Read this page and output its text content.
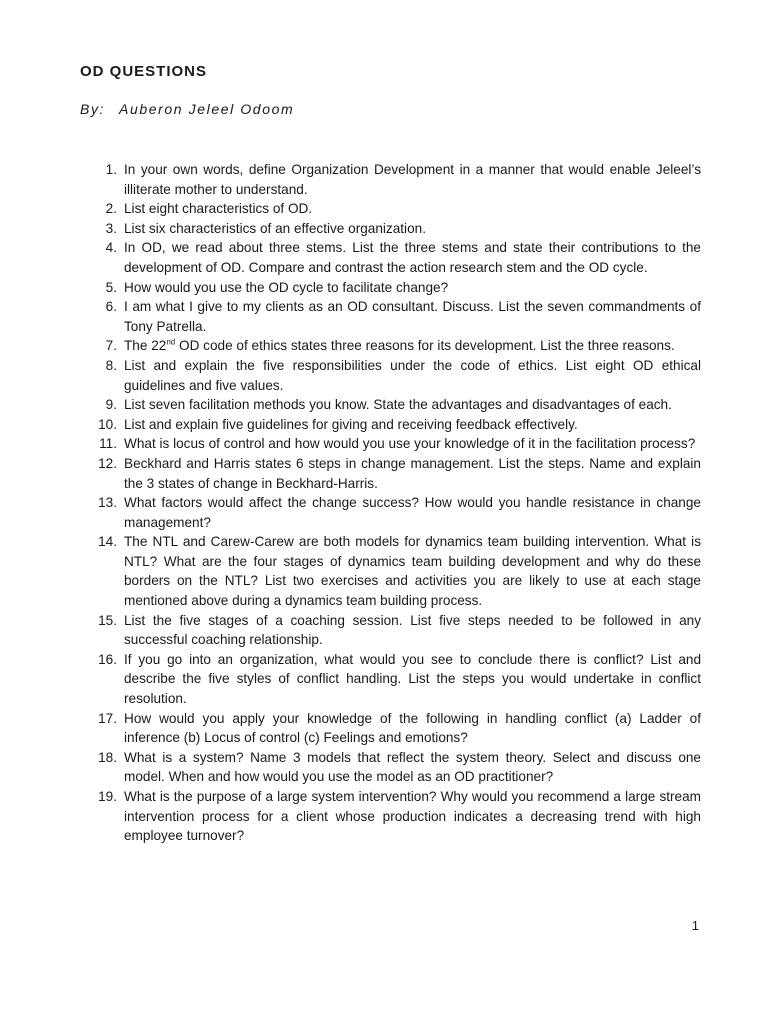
OD QUESTIONS

By: Auberon Jeleel Odoom

1. In your own words, define Organization Development in a manner that would enable Jeleel’s illiterate mother to understand.
2. List eight characteristics of OD.
3. List six characteristics of an effective organization.
4. In OD, we read about three stems. List the three stems and state their contributions to the development of OD. Compare and contrast the action research stem and the OD cycle.
5. How would you use the OD cycle to facilitate change?
6. I am what I give to my clients as an OD consultant. Discuss. List the seven commandments of Tony Patrella.
7. The 22nd OD code of ethics states three reasons for its development. List the three reasons.
8. List and explain the five responsibilities under the code of ethics. List eight OD ethical guidelines and five values.
9. List seven facilitation methods you know. State the advantages and disadvantages of each.
10. List and explain five guidelines for giving and receiving feedback effectively.
11. What is locus of control and how would you use your knowledge of it in the facilitation process?
12. Beckhard and Harris states 6 steps in change management. List the steps. Name and explain the 3 states of change in Beckhard-Harris.
13. What factors would affect the change success? How would you handle resistance in change management?
14. The NTL and Carew-Carew are both models for dynamics team building intervention. What is NTL? What are the four stages of dynamics team building development and why do these borders on the NTL? List two exercises and activities you are likely to use at each stage mentioned above during a dynamics team building process.
15. List the five stages of a coaching session. List five steps needed to be followed in any successful coaching relationship.
16. If you go into an organization, what would you see to conclude there is conflict? List and describe the five styles of conflict handling. List the steps you would undertake in conflict resolution.
17. How would you apply your knowledge of the following in handling conflict (a) Ladder of inference (b) Locus of control (c) Feelings and emotions?
18. What is a system? Name 3 models that reflect the system theory. Select and discuss one model. When and how would you use the model as an OD practitioner?
19. What is the purpose of a large system intervention? Why would you recommend a large stream intervention process for a client whose production indicates a decreasing trend with high employee turnover?

1
